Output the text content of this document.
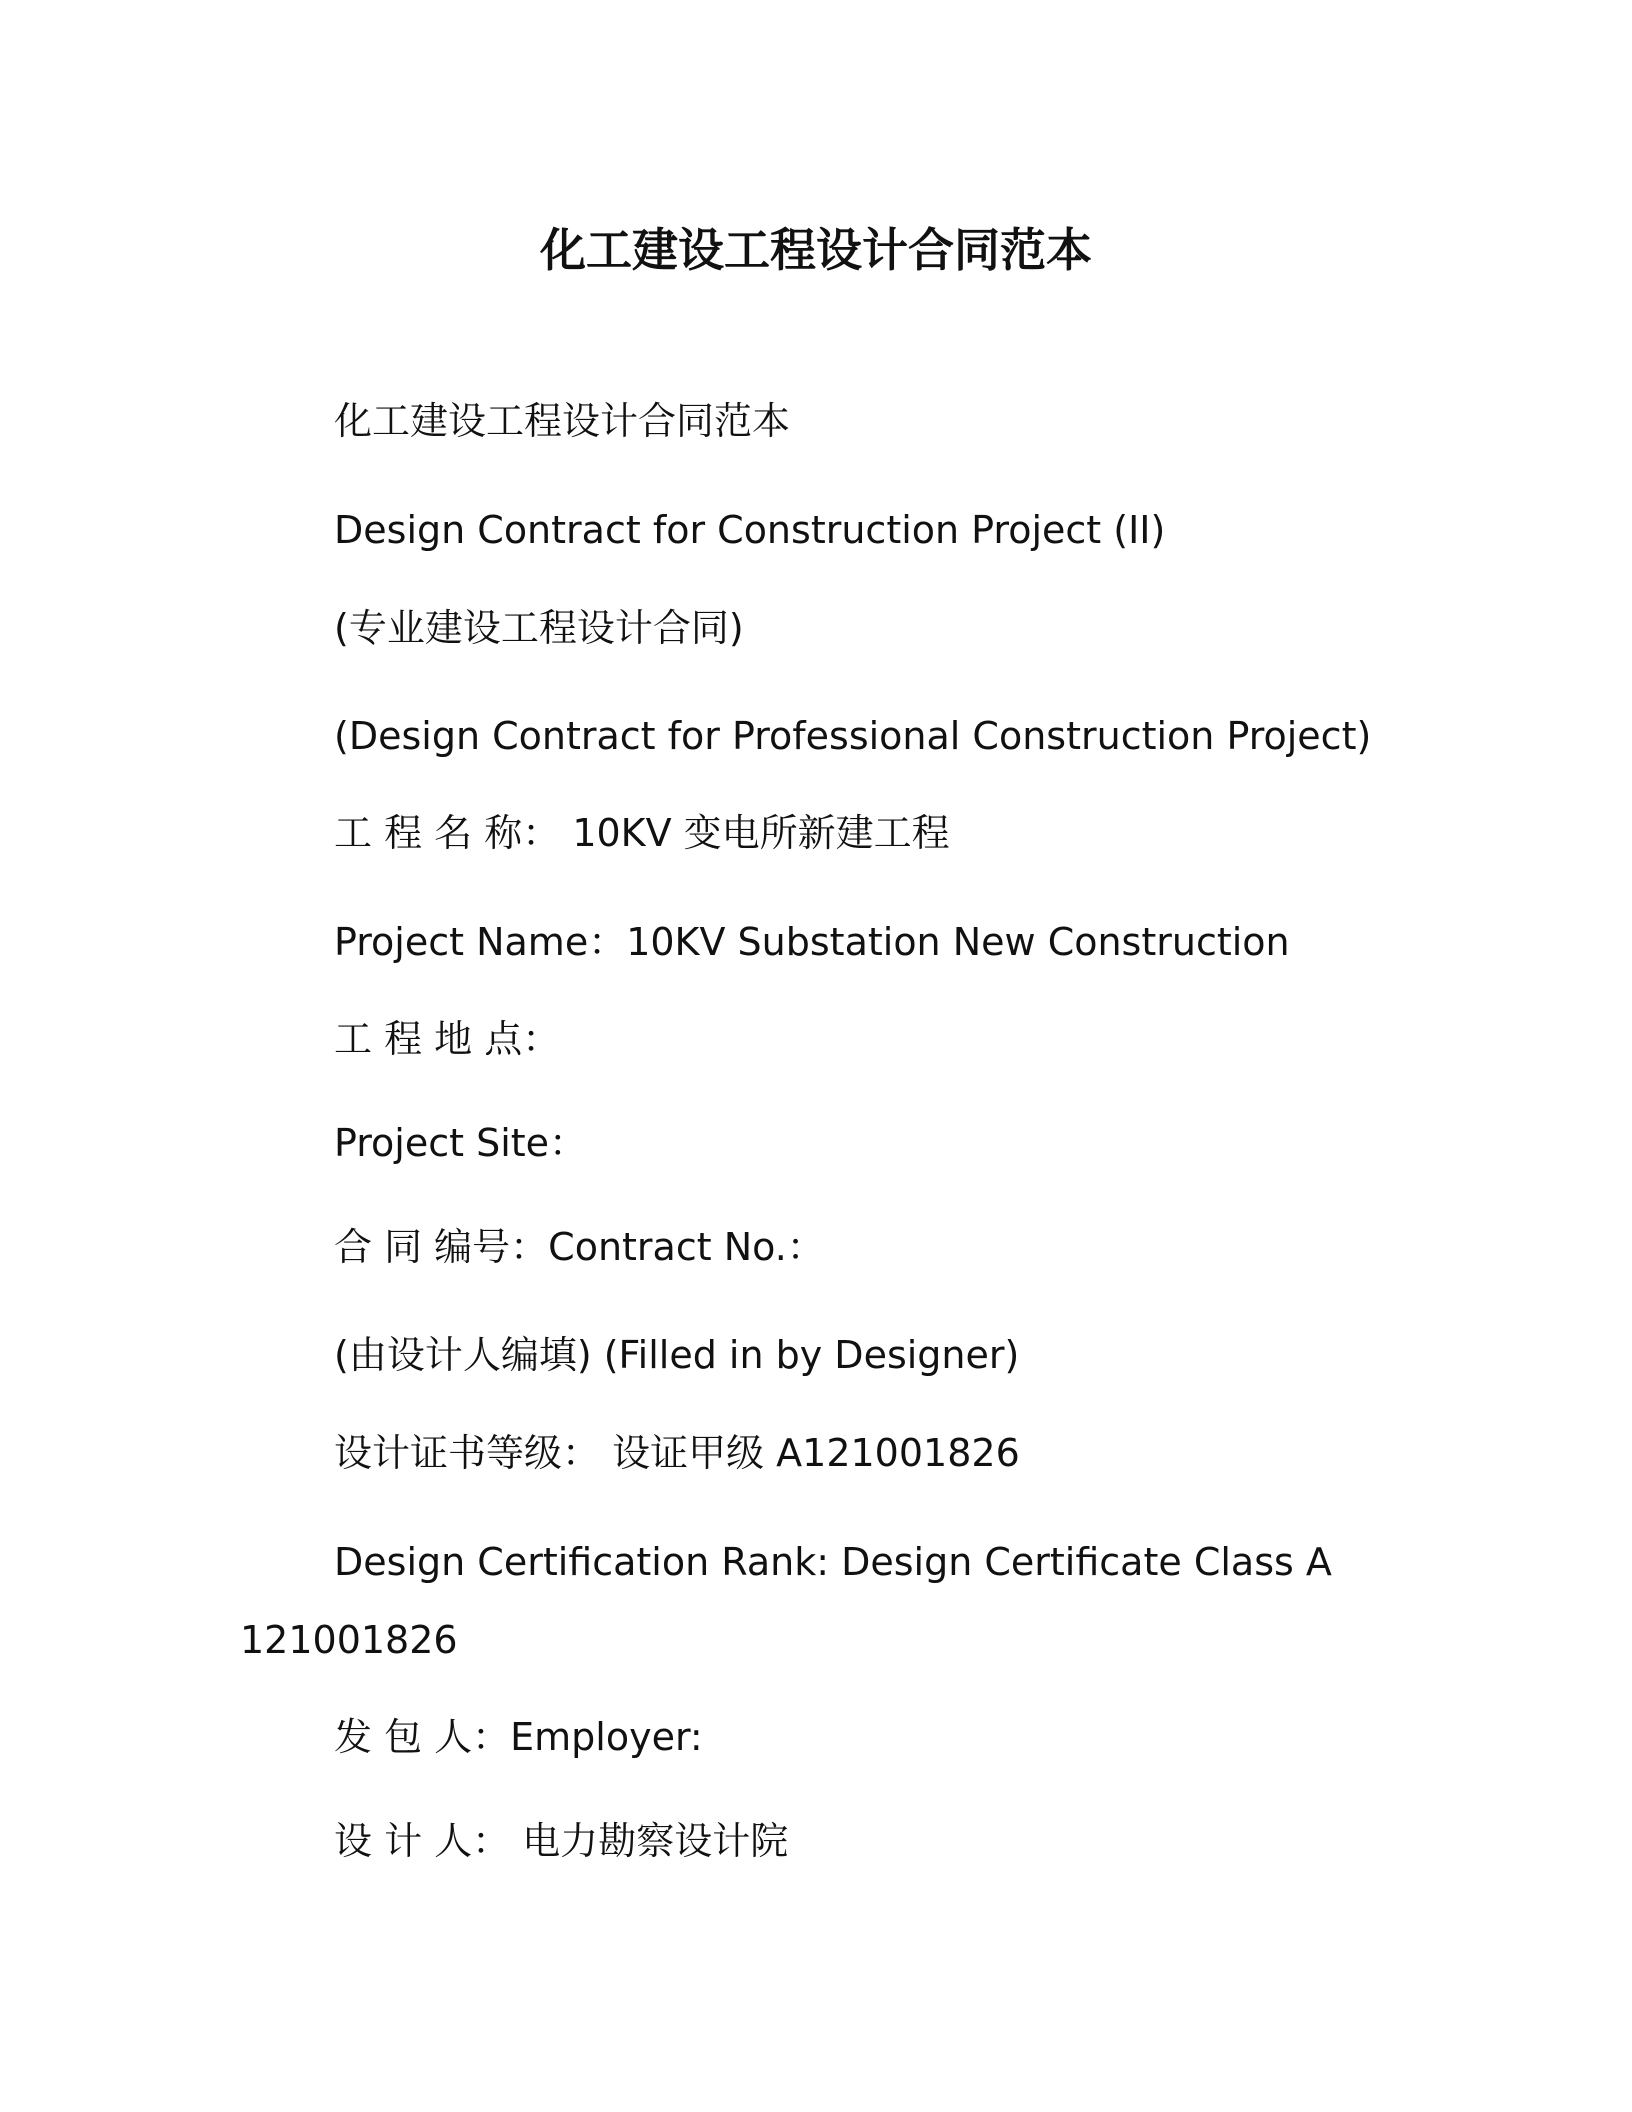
化工建设工程设计合同范本
化工建设工程设计合同范本
Design Contract for Construction Project (II)
(专业建设工程设计合同)
(Design Contract for Professional Construction Project)
工 程 名 称： 10KV 变电所新建工程
Project Name：10KV Substation New Construction
工 程 地 点：
Project Site：
合 同 编号：Contract No.：
(由设计人编填) (Filled in by Designer)
设计证书等级： 设证甲级 A121001826
Design Certification Rank: Design Certificate Class A
121001826
发 包 人：Employer:
设 计 人： 电力勘察设计院
